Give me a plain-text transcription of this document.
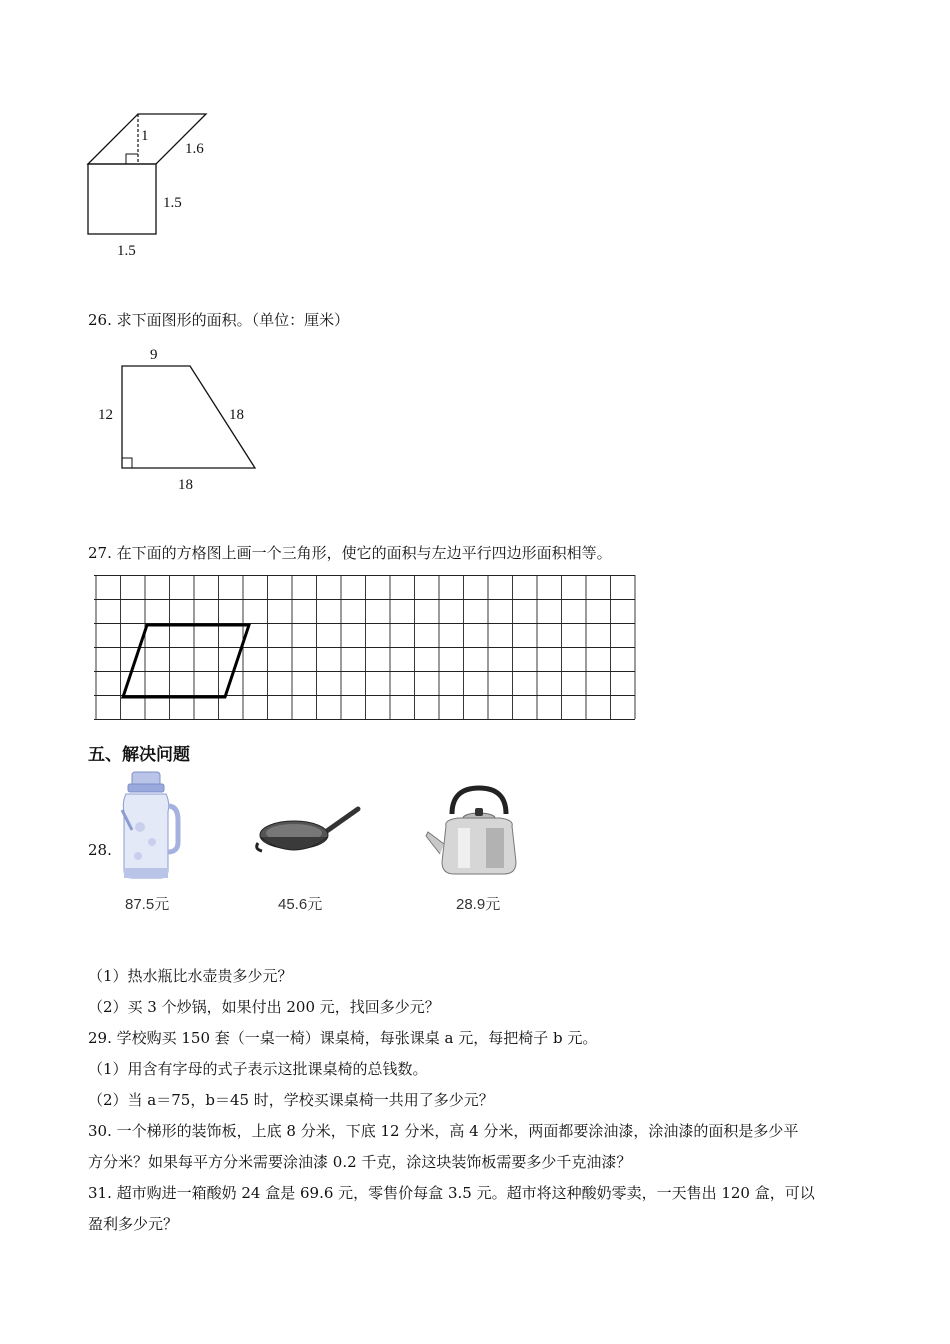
1
1.6
1.5
1.5
26. 求下面图形的面积。（单位：厘米）
9
12	18
18
27. 在下面的方格图上画一个三角形，使它的面积与左边平行四边形面积相等。
五、解决问题
28.
87.5元	45.6元	28.9元
（1）热水瓶比水壶贵多少元？
（2）买 3 个炒锅，如果付出 200 元，找回多少元？
29. 学校购买 150 套（一桌一椅）课桌椅，每张课桌 a 元，每把椅子 b 元。
（1）用含有字母的式子表示这批课桌椅的总钱数。
（2）当 a＝75，b＝45 时，学校买课桌椅一共用了多少元？
30. 一个梯形的装饰板，上底 8 分米，下底 12 分米，高 4 分米，两面都要涂油漆，涂油漆的面积是多少平
方分米？如果每平方分米需要涂油漆 0.2 千克，涂这块装饰板需要多少千克油漆？
31. 超市购进一箱酸奶 24 盒是 69.6 元，零售价每盒 3.5 元。超市将这种酸奶零卖，一天售出 120 盒，可以
盈利多少元？
